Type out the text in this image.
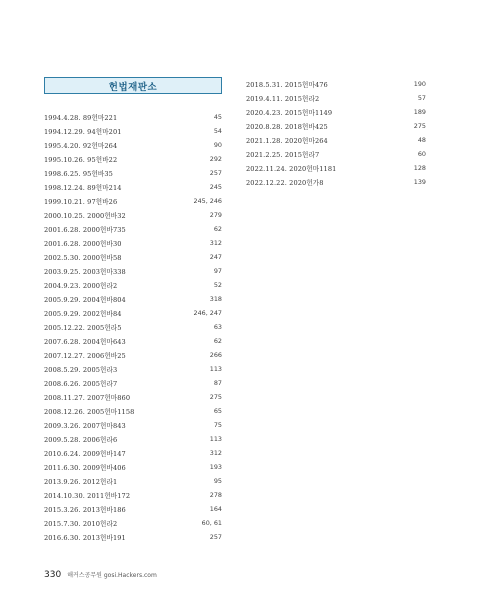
헌법재판소
1994.4.28. 89헌마221	45
1994.12.29. 94헌마201	54
1995.4.20. 92헌마264	90
1995.10.26. 95헌바22	292
1998.6.25. 95헌바35	257
1998.12.24. 89헌마214	245
1999.10.21. 97헌바26	245, 246
2000.10.25. 2000헌바32	279
2001.6.28. 2000헌바735	62
2001.6.28. 2000헌바30	312
2002.5.30. 2000헌바58	247
2003.9.25. 2003헌마338	97
2004.9.23. 2000헌라2	52
2005.9.29. 2004헌바804	318
2005.9.29. 2002헌바84	246, 247
2005.12.22. 2005헌라5	63
2007.6.28. 2004헌마643	62
2007.12.27. 2006헌바25	266
2008.5.29. 2005헌라3	113
2008.6.26. 2005헌라7	87
2008.11.27. 2007헌마860	275
2008.12.26. 2005헌마1158	65
2009.3.26. 2007헌마843	75
2009.5.28. 2006헌라6	113
2010.6.24. 2009헌바147	312
2011.6.30. 2009헌바406	193
2013.9.26. 2012헌라1	95
2014.10.30. 2011헌바172	278
2015.3.26. 2013헌바186	164
2015.7.30. 2010헌라2	60, 61
2016.6.30. 2013헌바191	257
2018.5.31. 2015헌마476	190
2019.4.11. 2015헌라2	57
2020.4.23. 2015헌마1149	189
2020.8.28. 2018헌바425	275
2021.1.28. 2020헌마264	48
2021.2.25. 2015헌라7	60
2022.11.24. 2020헌마1181	128
2022.12.22. 2020헌가8	139
330 해커스공무원 gosi.Hackers.com
